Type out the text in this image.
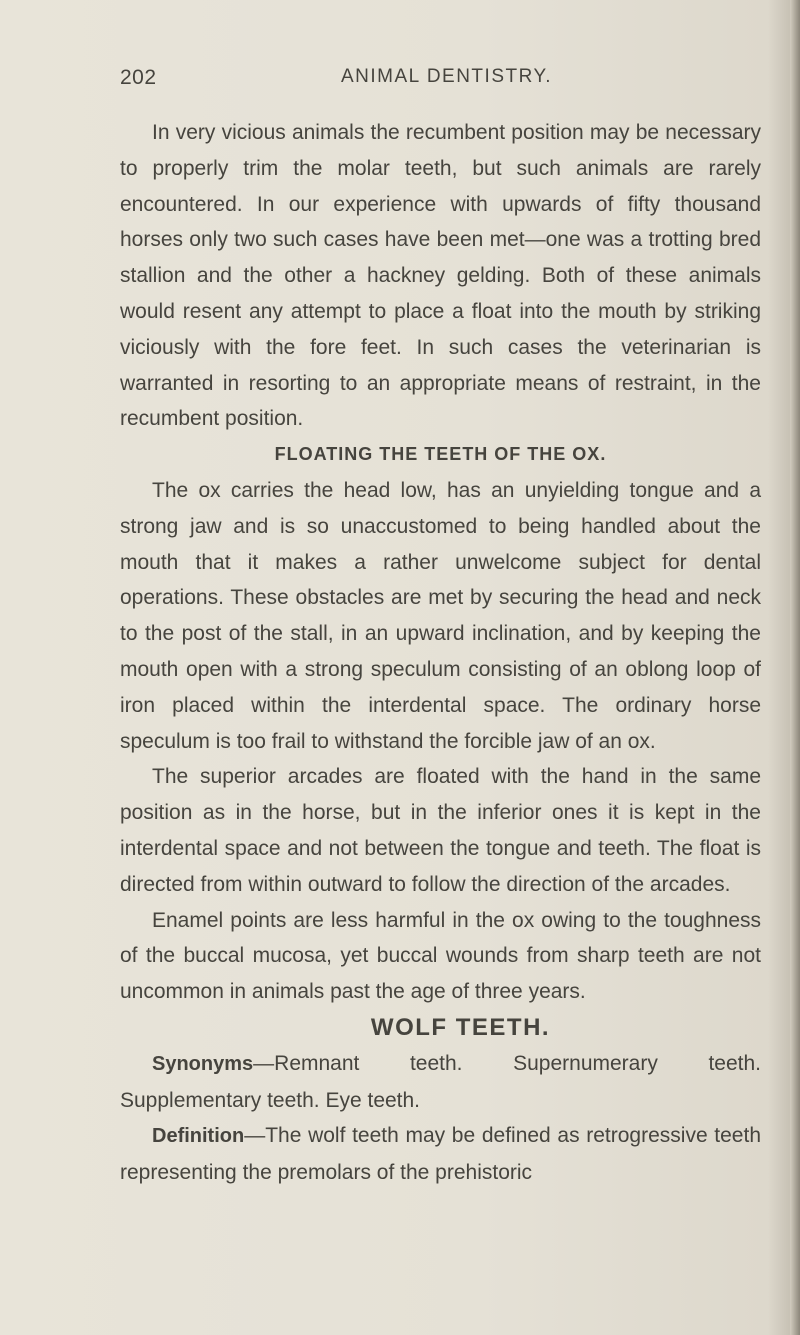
202	ANIMAL DENTISTRY.

In very vicious animals the recumbent position may be necessary to properly trim the molar teeth, but such animals are rarely encountered. In our experience with upwards of fifty thousand horses only two such cases have been met—one was a trotting bred stallion and the other a hackney gelding. Both of these animals would resent any attempt to place a float into the mouth by striking viciously with the fore feet. In such cases the veterinarian is warranted in resorting to an appropriate means of restraint, in the recumbent position.

FLOATING THE TEETH OF THE OX.

The ox carries the head low, has an unyielding tongue and a strong jaw and is so unaccustomed to being handled about the mouth that it makes a rather unwelcome subject for dental operations. These obstacles are met by securing the head and neck to the post of the stall, in an upward inclination, and by keeping the mouth open with a strong speculum consisting of an oblong loop of iron placed within the interdental space. The ordinary horse speculum is too frail to withstand the forcible jaw of an ox.

The superior arcades are floated with the hand in the same position as in the horse, but in the inferior ones it is kept in the interdental space and not between the tongue and teeth. The float is directed from within outward to follow the direction of the arcades.

Enamel points are less harmful in the ox owing to the toughness of the buccal mucosa, yet buccal wounds from sharp teeth are not uncommon in animals past the age of three years.

WOLF TEETH.

Synonyms—Remnant teeth. Supernumerary teeth. Supplementary teeth. Eye teeth.

Definition—The wolf teeth may be defined as retrogressive teeth representing the premolars of the prehistoric
